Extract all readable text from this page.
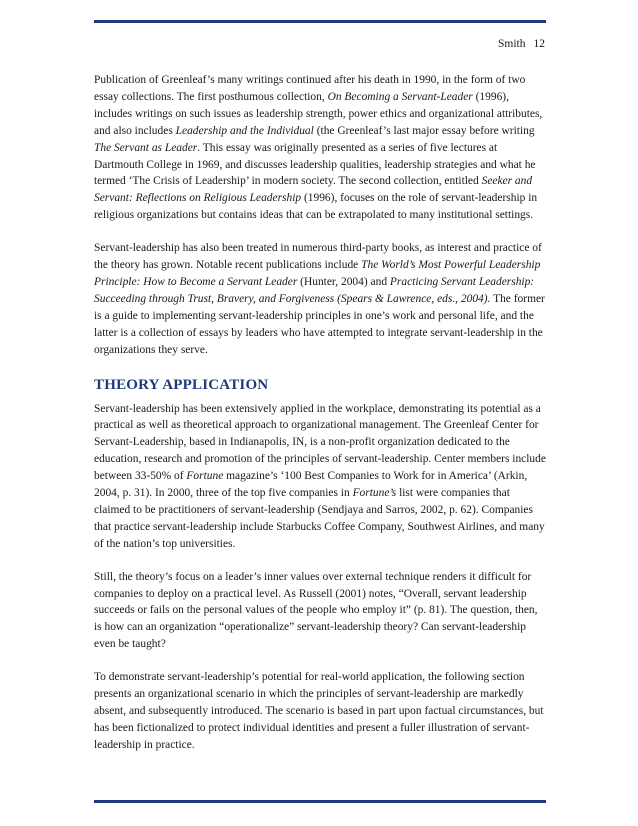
Smith 12

Publication of Greenleaf’s many writings continued after his death in 1990, in the form of two essay collections. The first posthumous collection, On Becoming a Servant-Leader (1996), includes writings on such issues as leadership strength, power ethics and organizational attributes, and also includes Leadership and the Individual (the Greenleaf’s last major essay before writing The Servant as Leader. This essay was originally presented as a series of five lectures at Dartmouth College in 1969, and discusses leadership qualities, leadership strategies and what he termed ‘The Crisis of Leadership’ in modern society. The second collection, entitled Seeker and Servant: Reflections on Religious Leadership (1996), focuses on the role of servant-leadership in religious organizations but contains ideas that can be extrapolated to many institutional settings.

Servant-leadership has also been treated in numerous third-party books, as interest and practice of the theory has grown. Notable recent publications include The World’s Most Powerful Leadership Principle: How to Become a Servant Leader (Hunter, 2004) and Practicing Servant Leadership: Succeeding through Trust, Bravery, and Forgiveness (Spears & Lawrence, eds., 2004). The former is a guide to implementing servant-leadership principles in one’s work and personal life, and the latter is a collection of essays by leaders who have attempted to integrate servant-leadership in the organizations they serve.

THEORY APPLICATION

Servant-leadership has been extensively applied in the workplace, demonstrating its potential as a practical as well as theoretical approach to organizational management. The Greenleaf Center for Servant-Leadership, based in Indianapolis, IN, is a non-profit organization dedicated to the education, research and promotion of the principles of servant-leadership. Center members include between 33-50% of Fortune magazine’s ‘100 Best Companies to Work for in America’ (Arkin, 2004, p. 31). In 2000, three of the top five companies in Fortune’s list were companies that claimed to be practitioners of servant-leadership (Sendjaya and Sarros, 2002, p. 62). Companies that practice servant-leadership include Starbucks Coffee Company, Southwest Airlines, and many of the nation’s top universities.

Still, the theory’s focus on a leader’s inner values over external technique renders it difficult for companies to deploy on a practical level. As Russell (2001) notes, “Overall, servant leadership succeeds or fails on the personal values of the people who employ it” (p. 81). The question, then, is how can an organization “operationalize” servant-leadership theory? Can servant-leadership even be taught?

To demonstrate servant-leadership’s potential for real-world application, the following section presents an organizational scenario in which the principles of servant-leadership are markedly absent, and subsequently introduced. The scenario is based in part upon factual circumstances, but has been fictionalized to protect individual identities and present a fuller illustration of servant-leadership in practice.
